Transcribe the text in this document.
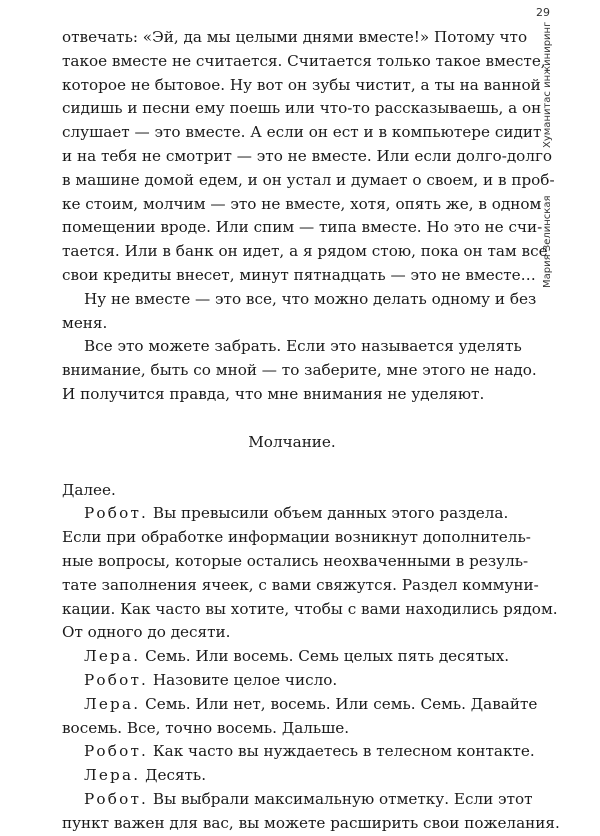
29
Хуманитас инжиниринг
Мария Зелинская
отвечать: «Эй, да мы целыми днями вместе!» Потому что
такое вместе не считается. Считается только такое вместе,
которое не бытовое. Ну вот он зубы чистит, а ты на ванной
сидишь и песни ему поешь или что-то рассказываешь, а он
слушает — это вместе. А если он ест и в компьютере сидит
и на тебя не смотрит — это не вместе. Или если долго-долго
в машине домой едем, и он устал и думает о своем, и в проб-
ке стоим, молчим — это не вместе, хотя, опять же, в одном
помещении вроде. Или спим — типа вместе. Но это не счи-
тается. Или в банк он идет, а я рядом стою, пока он там все
свои кредиты внесет, минут пятнадцать — это не вместе…
Ну не вместе — это все, что можно делать одному и без
меня.
Все это можете забрать. Если это называется уделять
внимание, быть со мной — то заберите, мне этого не надо.
И получится правда, что мне внимания не уделяют.
Молчание.
Далее.
Робот. Вы превысили объем данных этого раздела.
Если при обработке информации возникнут дополнитель-
ные вопросы, которые остались неохваченными в резуль-
тате заполнения ячеек, с вами свяжутся. Раздел коммуни-
кации. Как часто вы хотите, чтобы с вами находились рядом.
От одного до десяти.
Лера. Семь. Или восемь. Семь целых пять десятых.
Робот. Назовите целое число.
Лера. Семь. Или нет, восемь. Или семь. Семь. Давайте
восемь. Все, точно восемь. Дальше.
Робот. Как часто вы нуждаетесь в телесном контакте.
Лера. Десять.
Робот. Вы выбрали максимальную отметку. Если этот
пункт важен для вас, вы можете расширить свои пожелания.
